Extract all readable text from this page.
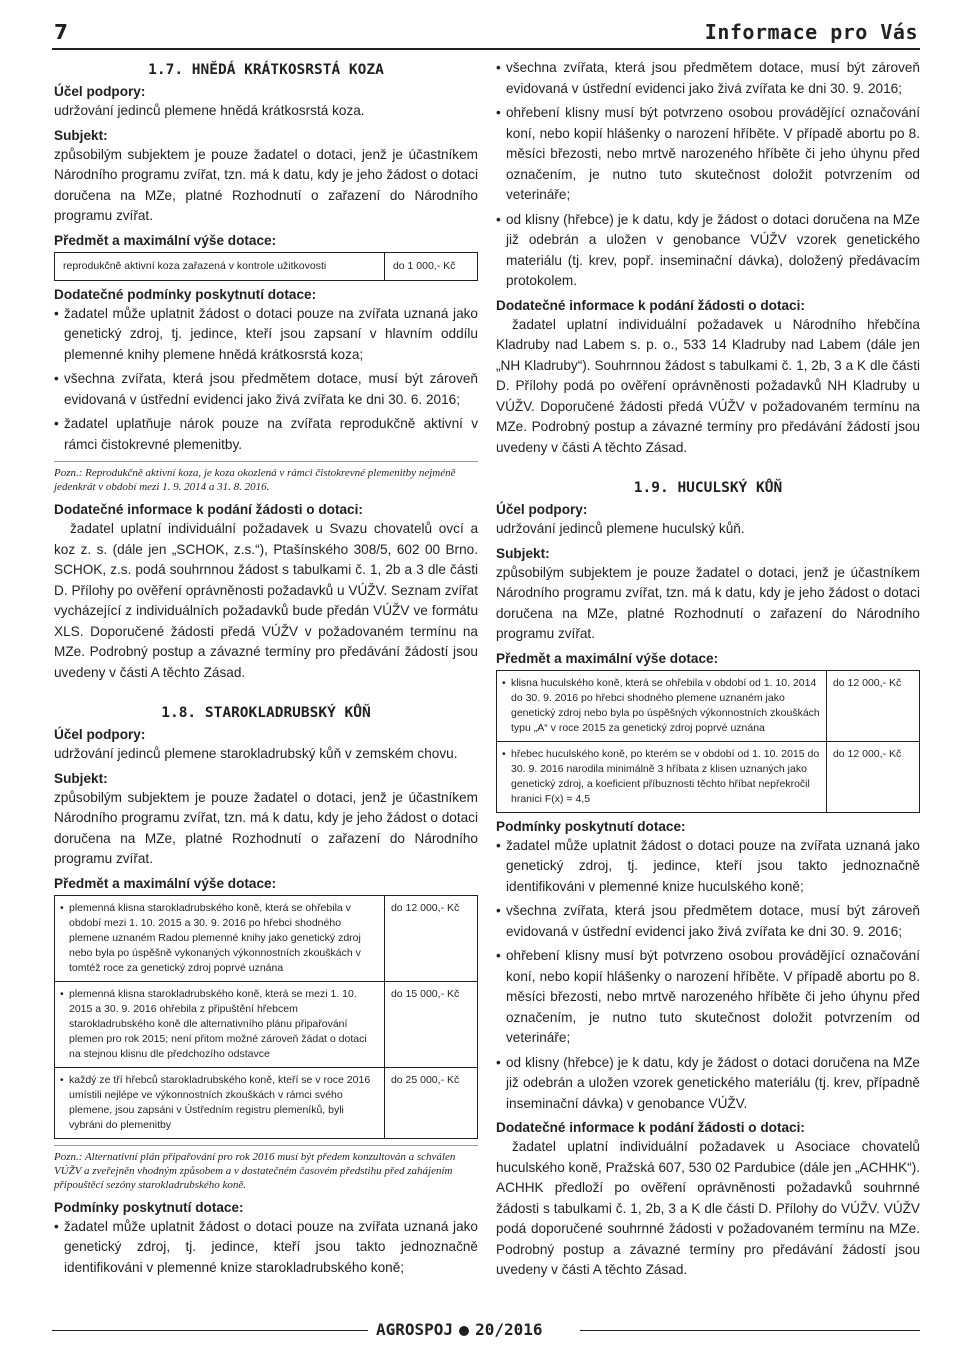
7	Informace pro Vás
1.7. HNĚDÁ KRÁTKOSRSTÁ KOZA
Účel podpory:

udržování jedinců plemene hnědá krátkosrstá koza.

Subjekt:

způsobilým subjektem je pouze žadatel o dotaci, jenž je účastníkem Národního programu zvířat, tzn. má k datu, kdy je jeho žádost o dotaci doručena na MZe, platné Rozhodnutí o zařazení do Národního programu zvířat.

Předmět a maximální výše dotace:
reprodukčně aktivní koza zařazená v kontrole užitkovosti	do 1 000,- Kč
Dodatečné podmínky poskytnutí dotace:
• žadatel může uplatnit žádost o dotaci pouze na zvířata uznaná jako genetický zdroj, tj. jedince, kteří jsou zapsaní v hlavním oddílu plemenné knihy plemene hnědá krátkosrstá koza;
• všechna zvířata, která jsou předmětem dotace, musí být zároveň evidovaná v ústřední evidenci jako živá zvířata ke dni 30. 6. 2016;
• žadatel uplatňuje nárok pouze na zvířata reprodukčně aktivní v rámci čistokrevné plemenitby.
Pozn.: Reprodukčně aktivní koza, je koza okozlená v rámci čistokrevné plemenitby nejméně jedenkrát v období mezi 1. 9. 2014 a 31. 8. 2016.
Dodatečné informace k podání žádosti o dotaci:

žadatel uplatní individuální požadavek u Svazu chovatelů ovcí a koz z. s. (dále jen „SCHOK, z.s.“), Ptašínského 308/5, 602 00 Brno. SCHOK, z.s. podá souhrnnou žádost s tabulkami č. 1, 2b a 3 dle části D. Přílohy po ověření oprávněnosti požadavků u VÚŽV. Seznam zvířat vycházející z individuálních požadavků bude předán VÚŽV ve formátu XLS. Doporučené žádosti předá VÚŽV v požadovaném termínu na MZe. Podrobný postup a závazné termíny pro předávání žádostí jsou uvedeny v části A těchto Zásad.

1.8. STAROKLADRUBSKÝ KŮŇ
Účel podpory:

udržování jedinců plemene starokladrubský kůň v zemském chovu.

Subjekt:

způsobilým subjektem je pouze žadatel o dotaci, jenž je účastníkem Národního programu zvířat, tzn. má k datu, kdy je jeho žádost o dotaci doručena na MZe, platné Rozhodnutí o zařazení do Národního programu zvířat.

Předmět a maximální výše dotace:
• plemenná klisna starokladrubského koně, která se ohřebila v období mezi 1. 10. 2015 a 30. 9. 2016 po hřebci shodného plemene uznaném Radou plemenné knihy jako genetický zdroj nebo byla po úspěšně vykonaných výkonnostních zkouškách v tomtéž roce za genetický zdroj poprvé uznána	do 12 000,- Kč
• plemenná klisna starokladrubského koně, která se mezi 1. 10. 2015 a 30. 9. 2016 ohřebila z připuštění hřebcem starokladrubského koně dle alternativního plánu připařování plemen pro rok 2015; není přitom možné zároveň žádat o dotaci na stejnou klisnu dle předchozího odstavce	do 15 000,- Kč
• každý ze tří hřebců starokladrubského koně, kteří se v roce 2016 umístili nejlépe ve výkonnostních zkouškách v rámci svého plemene, jsou zapsáni v Ústředním registru plemeníků, byli vybráni do plemenitby	do 25 000,- Kč
Pozn.: Alternativní plán připařování pro rok 2016 musí být předem konzultován a schválen VÚŽV a zveřejněn vhodným způsobem a v dostatečném časovém předstihu před zahájením připouštěcí sezóny starokladrubského koně.
Podmínky poskytnutí dotace:
• žadatel může uplatnit žádost o dotaci pouze na zvířata uznaná jako genetický zdroj, tj. jedince, kteří jsou takto jednoznačně identifikováni v plemenné knize starokladrubského koně;
• všechna zvířata, která jsou předmětem dotace, musí být zároveň evidovaná v ústřední evidenci jako živá zvířata ke dni 30. 9. 2016;
• ohřebení klisny musí být potvrzeno osobou provádějící označování koní, nebo kopií hlášenky o narození hříběte. V případě abortu po 8. měsíci březosti, nebo mrtvě narozeného hříběte či jeho úhynu před označením, je nutno tuto skutečnost doložit potvrzením od veterináře;
• od klisny (hřebce) je k datu, kdy je žádost o dotaci doručena na MZe již odebrán a uložen v genobance VÚŽV vzorek genetického materiálu (tj. krev, popř. inseminační dávka), doložený předávacím protokolem.
Dodatečné informace k podání žádosti o dotaci:

žadatel uplatní individuální požadavek u Národního hřebčína Kladruby nad Labem s. p. o., 533 14 Kladruby nad Labem (dále jen „NH Kladruby“). Souhrnnou žádost s tabulkami č. 1, 2b, 3 a K dle části D. Přílohy podá po ověření oprávněnosti požadavků NH Kladruby u VÚŽV. Doporučené žádosti předá VÚŽV v požadovaném termínu na MZe. Podrobný postup a závazné termíny pro předávání žádostí jsou uvedeny v části A těchto Zásad.

1.9. HUCULSKÝ KŮŇ
Účel podpory:

udržování jedinců plemene huculský kůň.

Subjekt:

způsobilým subjektem je pouze žadatel o dotaci, jenž je účastníkem Národního programu zvířat, tzn. má k datu, kdy je jeho žádost o dotaci doručena na MZe, platné Rozhodnutí o zařazení do Národního programu zvířat.

Předmět a maximální výše dotace:
• klisna huculského koně, která se ohřebila v období od 1. 10. 2014 do 30. 9. 2016 po hřebci shodného plemene uznaném jako genetický zdroj nebo byla po úspěšných výkonnostních zkouškách typu „A“ v roce 2015 za genetický zdroj poprvé uznána	do 12 000,- Kč
• hřebec huculského koně, po kterém se v období od 1. 10. 2015 do 30. 9. 2016 narodila minimálně 3 hříbata z klisen uznaných jako genetický zdroj, a koeficient příbuznosti těchto hříbat nepřekročil hranici F(x) = 4,5	do 12 000,- Kč
Podmínky poskytnutí dotace:
• žadatel může uplatnit žádost o dotaci pouze na zvířata uznaná jako genetický zdroj, tj. jedince, kteří jsou takto jednoznačně identifikováni v plemenné knize huculského koně;
• všechna zvířata, která jsou předmětem dotace, musí být zároveň evidovaná v ústřední evidenci jako živá zvířata ke dni 30. 9. 2016;
• ohřebení klisny musí být potvrzeno osobou provádějící označování koní, nebo kopií hlášenky o narození hříběte. V případě abortu po 8. měsíci březosti, nebo mrtvě narozeného hříběte či jeho úhynu před označením, je nutno tuto skutečnost doložit potvrzením od veterináře;
• od klisny (hřebce) je k datu, kdy je žádost o dotaci doručena na MZe již odebrán a uložen vzorek genetického materiálu (tj. krev, případně inseminační dávka) v genobance VÚŽV.
Dodatečné informace k podání žádosti o dotaci:

žadatel uplatní individuální požadavek u Asociace chovatelů huculského koně, Pražská 607, 530 02 Pardubice (dále jen „ACHHK“). ACHHK předloží po ověření oprávněnosti požadavků souhrnné žádosti s tabulkami č. 1, 2b, 3 a K dle části D. Přílohy do VÚŽV. VÚŽV podá doporučené souhrnné žádosti v požadovaném termínu na MZe. Podrobný postup a závazné termíny pro předávání žádostí jsou uvedeny v části A těchto Zásad.

AGROSPOJ 20/2016
